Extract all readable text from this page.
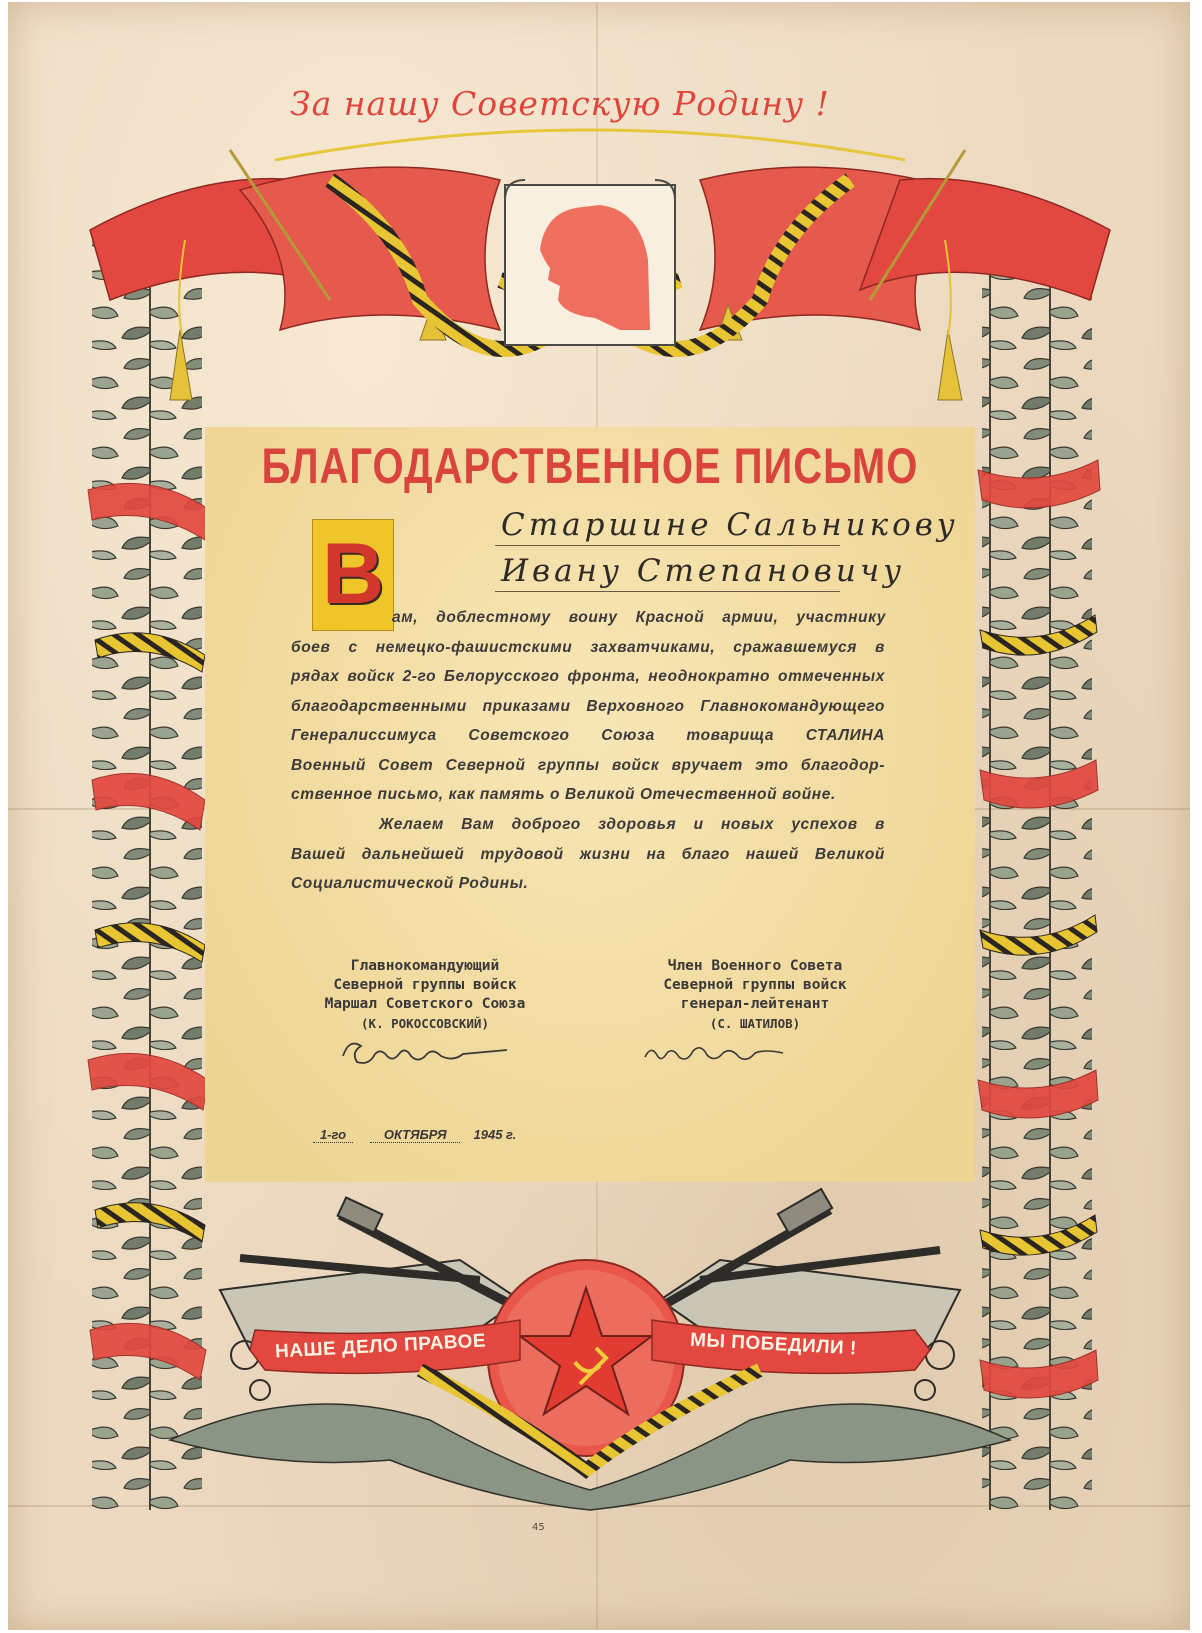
За нашу Советскую Родину !
БЛАГОДАРСТВЕННОЕ ПИСЬМО
Старшине Сальникову
Ивану Степановичу
В ам, доблестному воину Красной армии, участнику
боев с немецко-фашистскими захватчиками, сражавшемуся в
рядах войск 2-го Белорусского фронта, неоднократно отмеченных
благодарственными приказами Верховного Главнокомандующего
Генералиссимуса Советского Союза товарища СТАЛИНА
Военный Совет Северной группы войск вручает это благодор-
ственное письмо, как память о Великой Отечественной войне.
Желаем Вам доброго здоровья и новых успехов в
Вашей дальнейшей трудовой жизни на благо нашей Великой
Социалистической Родины.
Главнокомандующий
Северной группы войск
Маршал Советского Союза
(К. РОКОССОВСКИЙ)
Член Военного Совета
Северной группы войск
генерал-лейтенант
(С. ШАТИЛОВ)
1-го	ОКТЯБРЯ 1945 г.
НАШЕ ДЕЛО ПРАВОЕ	МЫ ПОБЕДИЛИ !
45
